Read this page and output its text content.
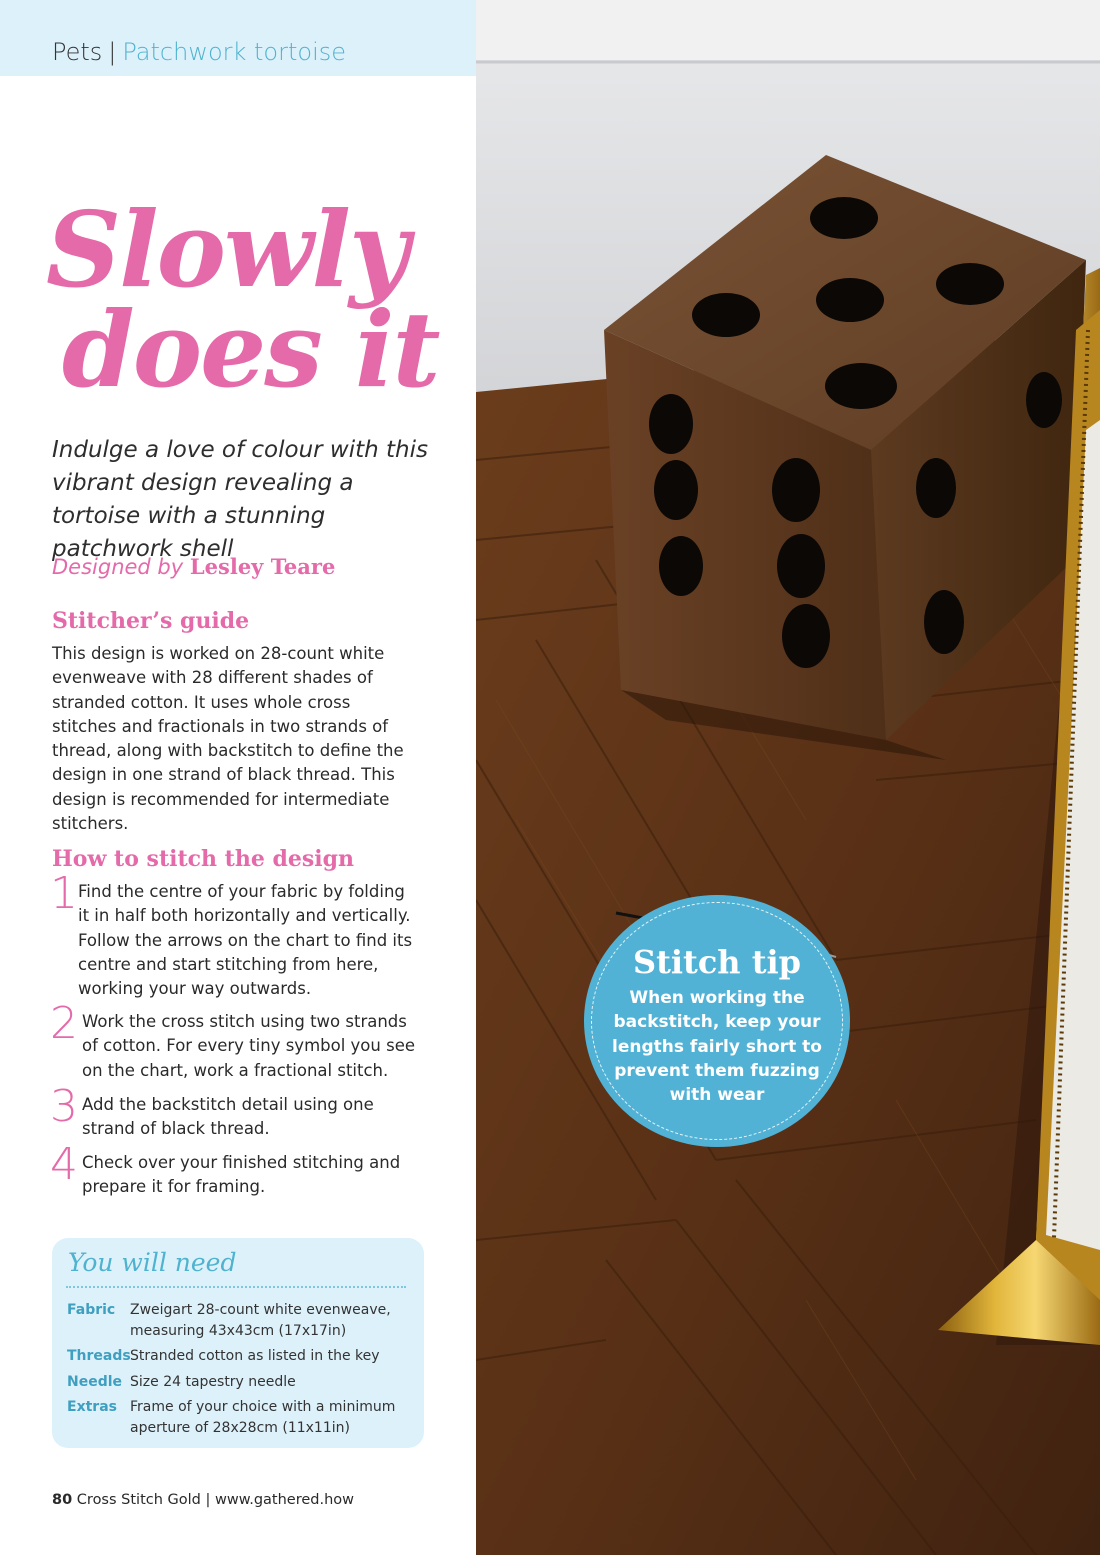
Pets | Patchwork tortoise
Slowly
does it

Indulge a love of colour with this vibrant design revealing a tortoise with a stunning patchwork shell

Designed by Lesley Teare
Stitcher’s guide

This design is worked on 28-count white evenweave with 28 different shades of stranded cotton. It uses whole cross stitches and fractionals in two strands of thread, along with backstitch to define the design in one strand of black thread. This design is recommended for intermediate stitchers.

How to stitch the design
1 Find the centre of your fabric by folding it in half both horizontally and vertically. Follow the arrows on the chart to find its centre and start stitching from here, working your way outwards.

2 Work the cross stitch using two strands of cotton. For every tiny symbol you see on the chart, work a fractional stitch.

3 Add the backstitch detail using one strand of black thread.

4 Check over your finished stitching and prepare it for framing.

You will need
Fabric Zweigart 28-count white evenweave, measuring 43x43cm (17x17in)
Threads Stranded cotton as listed in the key
Needle Size 24 tapestry needle
Extras Frame of your choice with a minimum aperture of 28x28cm (11x11in)
80 Cross Stitch Gold | www.gathered.how
Stitch tip
When working the backstitch, keep your lengths fairly short to prevent them fuzzing with wear
